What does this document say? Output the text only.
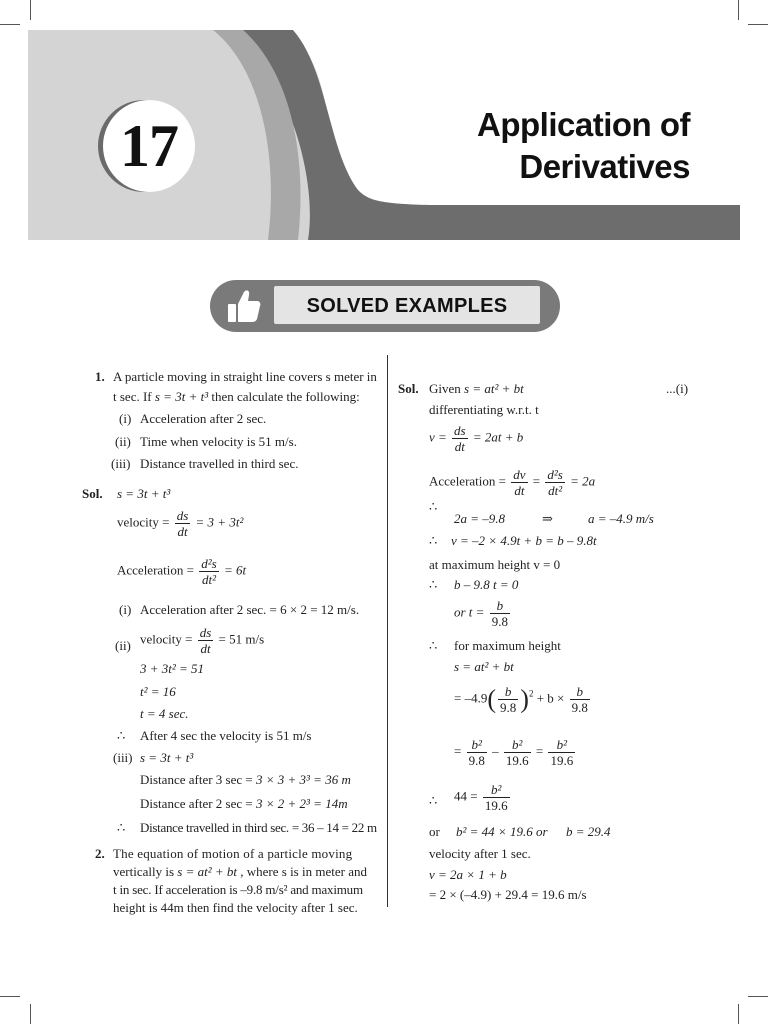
17	Application of
Derivatives
SOLVED EXAMPLES
1. A particle moving in straight line covers s meter in
t sec. If s = 3t + t³ then calculate the following:
(i) Acceleration after 2 sec.
(ii) Time when velocity is 51 m/s.
(iii) Distance travelled in third sec.
Sol. s = 3t + t³
velocity = $\frac{ds}{dt} = 3 + 3t^2$
Acceleration = $\frac{\text{d²s}}{\text{dt²}} = 6t$
(i) Acceleration after 2 sec. = 6 × 2 = 12 m/s.
(ii) velocity = $\frac{ds}{dt} = 51$ m/s
3 + 3t² = 51
t² = 16
t = 4 sec.
∴ After 4 sec the velocity is 51 m/s
(iii) s = 3t + t³
Distance after 3 sec = 3 × 3 + 3³ = 36 m
Distance after 2 sec = 3 × 2 + 2³ = 14m
∴ Distance travelled in third sec. = 36 – 14 = 22 m
2. The equation of motion of a particle moving
vertically is s = at² + bt , where s is in meter and
t in sec. If acceleration is –9.8 m/s² and maximum
height is 44m then find the velocity after 1 sec.
Sol. Given s = at² + bt	...(i)
differentiating w.r.t. t
$v = \frac{ds}{dt} = 2at + b$
Acceleration = $\frac{dv}{dt} = \frac{\text{d²s}}{\text{dt²}} = 2a$
∴
2a = –9.8	⇒	a = –4.9 m/s
∴ v = –2 × 4.9t + b = b – 9.8t
at maximum height v = 0
∴ b – 9.8 t = 0
or $t = \frac{b}{9.8}$
∴ for maximum height
s = at² + bt
= $-4.9( \frac{b}{9.8} )^2 + b \times \frac{b}{9.8}$
= $\frac{\text{b²}}{9.8} - \frac{\text{b²}}{19.6} = \frac{\text{b²}}{19.6}$
∴ $44 = \frac{\text{b²}}{19.6}$
or b² = 44 × 19.6 or b = 29.4
velocity after 1 sec.
v = 2a × 1 + b
= 2 × (–4.9) + 29.4 = 19.6 m/s
